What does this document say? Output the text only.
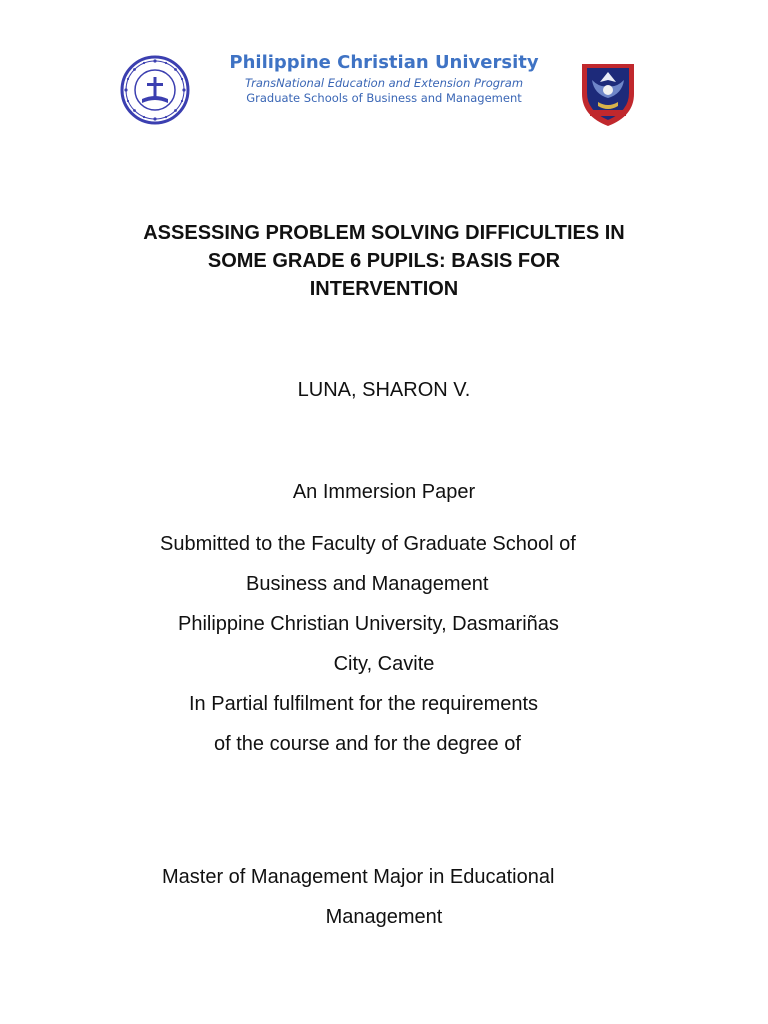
Philippine Christian University
TransNational Education and Extension Program
Graduate Schools of Business and Management
ASSESSING PROBLEM SOLVING DIFFICULTIES IN
SOME GRADE 6 PUPILS: BASIS FOR
INTERVENTION
LUNA, SHARON V.
An Immersion Paper
Submitted to the Faculty of Graduate School of
Business and Management
Philippine Christian University, Dasmariñas
City, Cavite
In Partial fulfilment for the requirements
of the course and for the degree of
Master of Management Major in Educational
Management
